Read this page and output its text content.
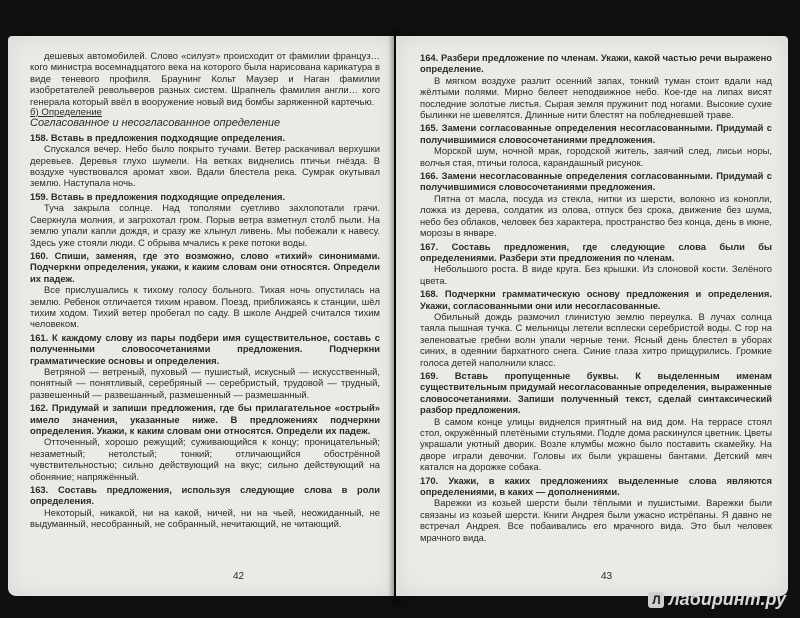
дешевых автомобилей. Слово «силуэт» происходит от фамилии француз… кого министра восемнадцатого века на которого была нарисована карикатура в виде теневого профиля. Браунинг Кольт Маузер и Наган фамилии изобретателей револьверов разных систем. Шрапнель фамилия англи… кого генерала который ввёл в вооружение новый вид бомбы заряженной картечью.

б) Определение

Согласованное и несогласованное определение

158. Вставь в предложения подходящие определения.

Спускался вечер. Небо было покрыто тучами. Ветер раскачивал верхушки деревьев. Деревья глухо шумели. На ветках виднелись птичьи гнёзда. В воздухе чувствовался аромат хвои. Вдали блестела река. Сумрак окутывал землю. Наступала ночь.

159. Вставь в предложения подходящие определения.

Туча закрыла солнце. Над тополями суетливо захлопотали грачи. Сверкнула молния, и загрохотал гром. Порыв ветра взметнул столб пыли. На землю упали капли дождя, и сразу же хлынул ливень. Мы побежали к навесу. Здесь уже стояли люди. С обрыва мчались к реке потоки воды.

160. Спиши, заменяя, где это возможно, слово «тихий» синонимами. Подчеркни определения, укажи, к каким словам они относятся. Определи их падеж.

Все прислушались к тихому голосу больного. Тихая ночь опустилась на землю. Ребенок отличается тихим нравом. Поезд, приближаясь к станции, шёл тихим ходом. Тихий ветер пробегал по саду. В школе Андрей считался тихим человеком.

161. К каждому слову из пары подбери имя существительное, составь с полученными словосочетаниями предложения. Подчеркни грамматические основы и определения.

Ветряной — ветреный, пуховый — пушистый, искусный — искусственный, понятный — понятливый, серебряный — серебристый, трудовой — трудный, развешенный — развешанный, размешенный — размешанный.

162. Придумай и запиши предложения, где бы прилагательное «острый» имело значения, указанные ниже. В предложениях подчеркни определения. Укажи, к каким словам они относятся. Определи их падеж.

Отточенный, хорошо режущий; суживающийся к концу; проницательный; незаметный; нетолстый; тонкий; отличающийся обострённой чувствительностью; сильно действующий на вкус; сильно действующий на обоняние; напряжённый.

163. Составь предложения, используя следующие слова в роли определения.

Некоторый, никакой, ни на какой, ничей, ни на чьей, неожиданный, не выдуманный, несобранный, не собранный, нечитающий, не читающий.

42

164. Разбери предложение по членам. Укажи, какой частью речи выражено определение.

В мягком воздухе разлит осенний запах, тонкий туман стоит вдали над жёлтыми полями. Мирно белеет неподвижное небо. Кое-где на липах висят последние золотые листья. Сырая земля пружинит под ногами. Высокие сухие былинки не шевелятся. Длинные нити блестят на побледневшей траве.

165. Замени согласованные определения несогласованными. Придумай с получившимися словосочетаниями предложения.

Морской шум, ночной мрак, городской житель, заячий след, лисьи норы, волчья стая, птичьи голоса, карандашный рисунок.

166. Замени несогласованные определения согласованными. Придумай с получившимися словосочетаниями предложения.

Пятна от масла, посуда из стекла, нитки из шерсти, волокно из конопли, ложка из дерева, солдатик из олова, отпуск без срока, движение без шума, небо без облаков, человек без характера, пространство без конца, день в июне, морозы в январе.

167. Составь предложения, где следующие слова были бы определениями. Разбери эти предложения по членам.

Небольшого роста. В виде круга. Без крышки. Из слоновой кости. Зелёного цвета.

168. Подчеркни грамматическую основу предложения и определения. Укажи, согласованными они или несогласованные.

Обильный дождь размочил глинистую землю переулка. В лучах солнца таяла пышная тучка. С мельницы летели всплески серебристой воды. С гор на зеленоватые гребни волн упали черные тени. Ясный день блестел в уборах синих, в одеянии бархатного снега. Синие глаза хитро прищурились. Громкие голоса детей наполнили класс.

169. Вставь пропущенные буквы. К выделенным именам существительным придумай несогласованные определения, выраженные словосочетаниями. Запиши полученный текст, сделай синтаксический разбор предложения.

В самом конце улицы виднелся приятный на вид дом. На террасе стоял стол, окружённый плетёными стульями. Подле дома раскинулся цветник. Цветы украшали уютный дворик. Возле клумбы можно было поставить скамейку. На дворе играли девочки. Головы их были украшены бантами. Детский мяч катался на дорожке собака.

170. Укажи, в каких предложениях выделенные слова являются определениями, в каких — дополнениями.

Варежки из козьей шерсти были тёплыми и пушистыми. Варежки были связаны из козьей шерсти. Книги Андрея были ужасно истрёпаны. Я давно не встречал Андрея. Все побаивались его мрачного вида. Это был человек мрачного вида.

43
Л лабиринт.ру
